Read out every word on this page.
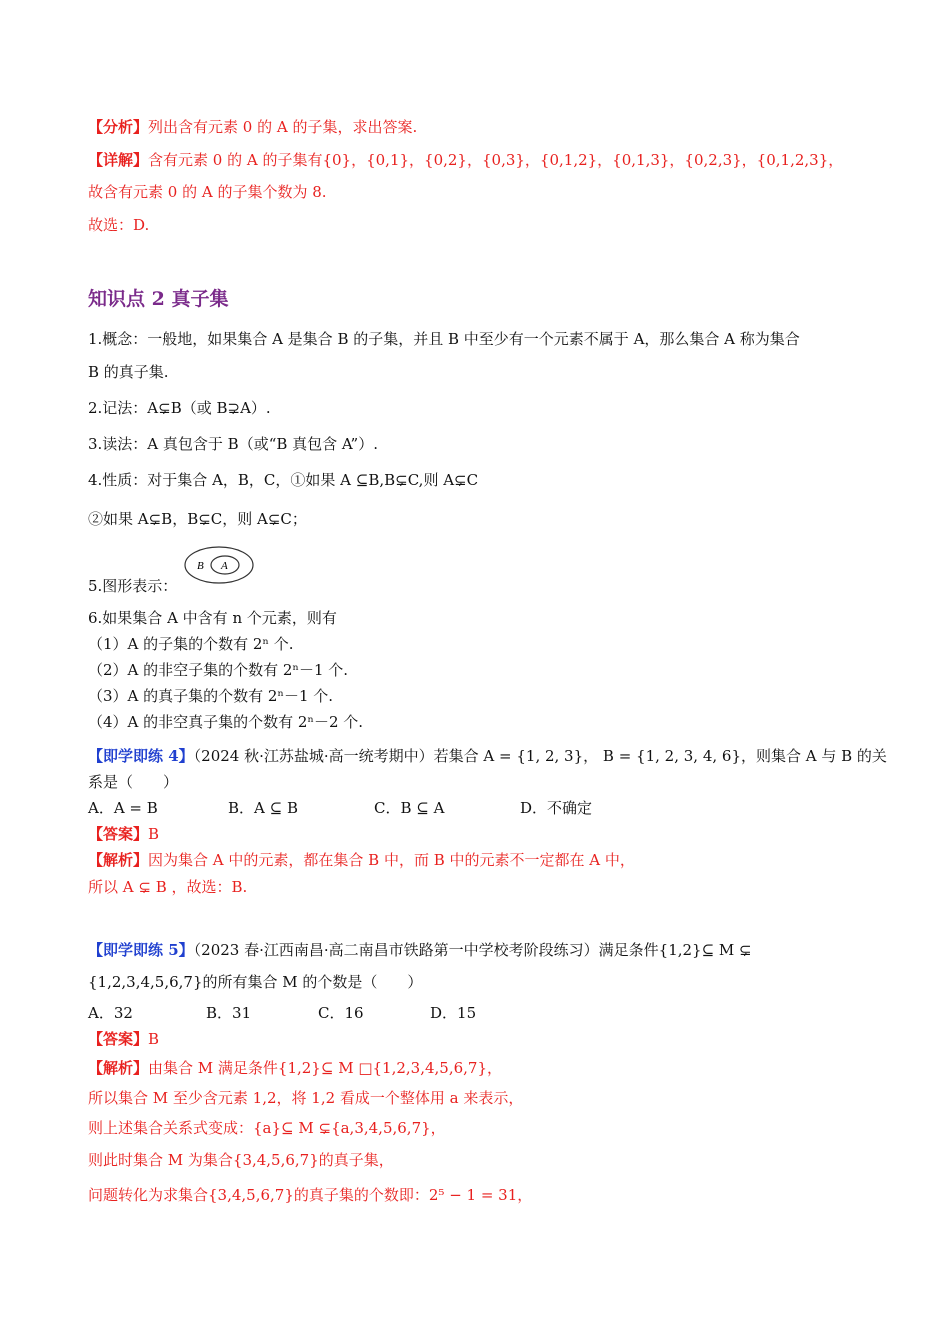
【分析】列出含有元素 0 的 A 的子集，求出答案.
【详解】含有元素 0 的 A 的子集有{0}，{0,1}，{0,2}，{0,3}，{0,1,2}，{0,1,3}，{0,2,3}，{0,1,2,3}，
故含有元素 0 的 A 的子集个数为 8.
故选：D.
知识点 2 真子集
1.概念：一般地，如果集合 A 是集合 B 的子集，并且 B 中至少有一个元素不属于 A，那么集合 A 称为集合
B 的真子集.
2.记法：A⊊B（或 B⊋A）.
3.读法：A 真包含于 B（或“B 真包含 A”）.
4.性质：对于集合 A，B，C，①如果 A ⊆B,B⊊C,则 A⊊C
②如果 A⊊B，B⊊C，则 A⊊C；
5.图形表示：
B A
6.如果集合 A 中含有 n 个元素，则有
（1）A 的子集的个数有 2ⁿ 个.
（2）A 的非空子集的个数有 2ⁿ－1 个.
（3）A 的真子集的个数有 2ⁿ－1 个.
（4）A 的非空真子集的个数有 2ⁿ－2 个.
【即学即练 4】（2024 秋·江苏盐城·高一统考期中）若集合 A = {1, 2, 3}， B = {1, 2, 3, 4, 6}，则集合 A 与 B 的关
系是（　　）
A．A = B	B．A ⊆ B	C．B ⊆ A	D．不确定
【答案】B
【解析】因为集合 A 中的元素，都在集合 B 中，而 B 中的元素不一定都在 A 中，
所以 A ⊊ B ，故选：B.
【即学即练 5】（2023 春·江西南昌·高二南昌市铁路第一中学校考阶段练习）满足条件{1,2}⊆ M ⊊
{1,2,3,4,5,6,7}的所有集合 M 的个数是（　　）
A．32	B．31	C．16	D．15
【答案】B
【解析】由集合 M 满足条件{1,2}⊆ M □{1,2,3,4,5,6,7}，
所以集合 M 至少含元素 1,2，将 1,2 看成一个整体用 a 来表示，
则上述集合关系式变成：{a}⊆ M ⊊{a,3,4,5,6,7}，
则此时集合 M 为集合{3,4,5,6,7}的真子集，
问题转化为求集合{3,4,5,6,7}的真子集的个数即：2⁵ − 1 = 31，
